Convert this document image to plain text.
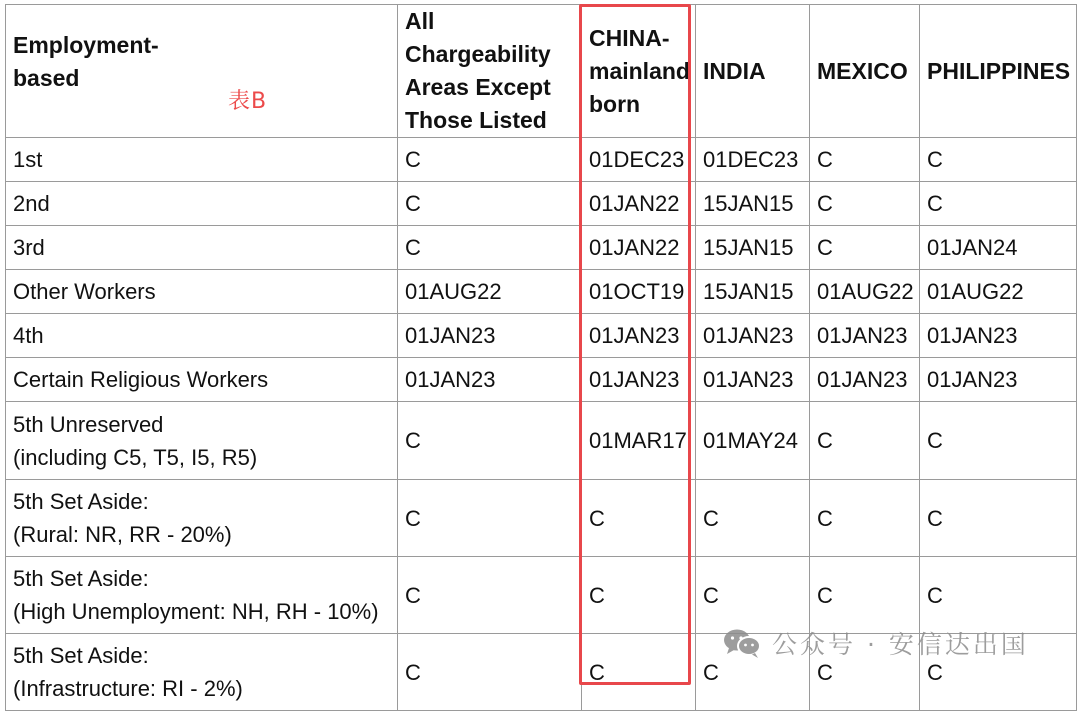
Employment-
based	All Chargeability
Areas Except
Those Listed	CHINA-
mainland
born	INDIA	MEXICO	PHILIPPINES

1st	C	01DEC23	01DEC23	C	C

2nd	C	01JAN22	15JAN15	C	C

3rd	C	01JAN22	15JAN15	C	01JAN24

Other Workers	01AUG22	01OCT19	15JAN15	01AUG22	01AUG22

4th	01JAN23	01JAN23	01JAN23	01JAN23	01JAN23

Certain Religious Workers	01JAN23	01JAN23	01JAN23	01JAN23	01JAN23

5th Unreserved
(including C5, T5, I5, R5)	C	01MAR17	01MAY24	C	C

5th Set Aside:
(Rural: NR, RR - 20%)	C	C	C	C	C

5th Set Aside:
(High Unemployment: NH, RH - 10%)	C	C	C	C	C

5th Set Aside:
(Infrastructure: RI - 2%)	C	C	C	C	C
表B
公众号 · 安信达出国
